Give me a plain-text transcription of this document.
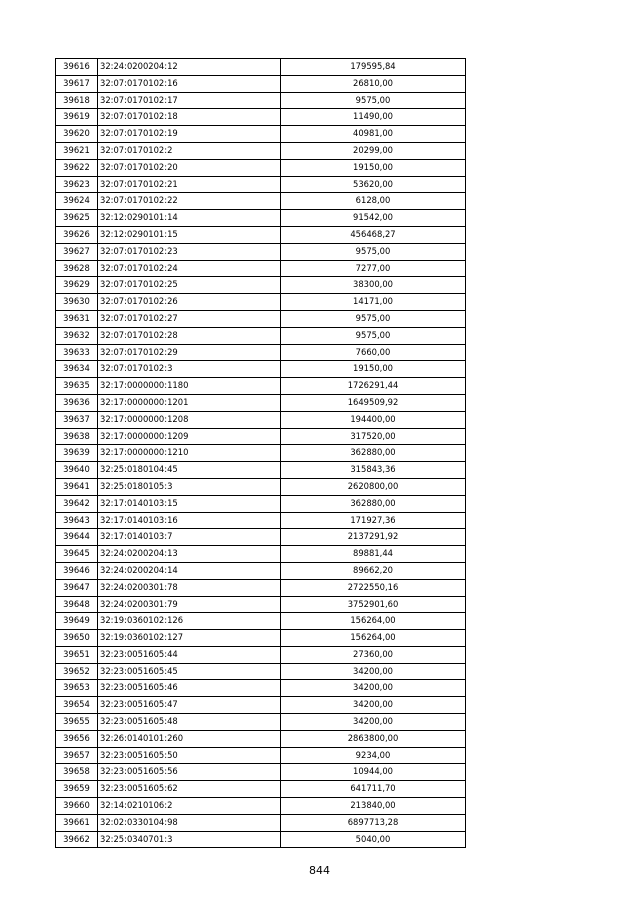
39616	32:24:0200204:12	179595,84
39617	32:07:0170102:16	26810,00
39618	32:07:0170102:17	9575,00
39619	32:07:0170102:18	11490,00
39620	32:07:0170102:19	40981,00
39621	32:07:0170102:2	20299,00
39622	32:07:0170102:20	19150,00
39623	32:07:0170102:21	53620,00
39624	32:07:0170102:22	6128,00
39625	32:12:0290101:14	91542,00
39626	32:12:0290101:15	456468,27
39627	32:07:0170102:23	9575,00
39628	32:07:0170102:24	7277,00
39629	32:07:0170102:25	38300,00
39630	32:07:0170102:26	14171,00
39631	32:07:0170102:27	9575,00
39632	32:07:0170102:28	9575,00
39633	32:07:0170102:29	7660,00
39634	32:07:0170102:3	19150,00
39635	32:17:0000000:1180	1726291,44
39636	32:17:0000000:1201	1649509,92
39637	32:17:0000000:1208	194400,00
39638	32:17:0000000:1209	317520,00
39639	32:17:0000000:1210	362880,00
39640	32:25:0180104:45	315843,36
39641	32:25:0180105:3	2620800,00
39642	32:17:0140103:15	362880,00
39643	32:17:0140103:16	171927,36
39644	32:17:0140103:7	2137291,92
39645	32:24:0200204:13	89881,44
39646	32:24:0200204:14	89662,20
39647	32:24:0200301:78	2722550,16
39648	32:24:0200301:79	3752901,60
39649	32:19:0360102:126	156264,00
39650	32:19:0360102:127	156264,00
39651	32:23:0051605:44	27360,00
39652	32:23:0051605:45	34200,00
39653	32:23:0051605:46	34200,00
39654	32:23:0051605:47	34200,00
39655	32:23:0051605:48	34200,00
39656	32:26:0140101:260	2863800,00
39657	32:23:0051605:50	9234,00
39658	32:23:0051605:56	10944,00
39659	32:23:0051605:62	641711,70
39660	32:14:0210106:2	213840,00
39661	32:02:0330104:98	6897713,28
39662	32:25:0340701:3	5040,00
844
